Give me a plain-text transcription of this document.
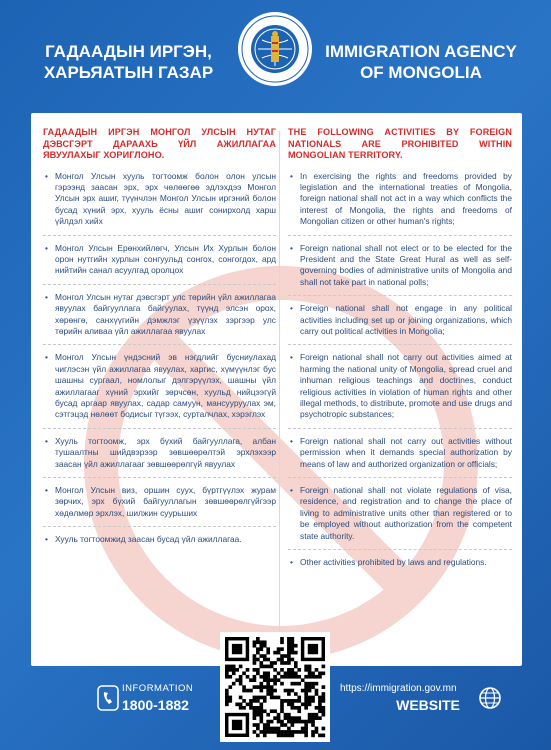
ГАДААДЫН ИРГЭН,
ХАРЬЯАТЫН ГАЗАР
IMMIGRATION AGENCY
OF MONGOLIA
ГАДААДЫН ИРГЭН МОНГОЛ УЛСЫН НУТАГ ДЭВСГЭРТ ДАРААХЬ ҮЙЛ АЖИЛЛАГАА ЯВУУЛАХЫГ ХОРИГЛОНО.
• Монгол Улсын хууль тогтоомж болон олон улсын гэрээнд заасан эрх, эрх чөлөөгөө эдлэхдээ Монгол Улсын эрх ашиг, түүнчлэн Монгол Улсын иргэний болон бусад хүний эрх, хууль ёсны ашиг сонирхолд харш үйлдэл хийх
• Монгол Улсын Ерөнхийлөгч, Улсын Их Хурлын болон орон нутгийн хурлын сонгуульд сонгох, сонгогдох, ард нийтийн санал асуулгад оролцох
• Монгол Улсын нутаг дэвсгэрт улс төрийн үйл ажиллагаа явуулах байгууллага байгуулах, түүнд элсэн орох, хөрөнгө, санхүүгийн дэмжлэг үзүүлэх зэргээр улс төрийн аливаа үйл ажиллагаа явуулах
• Монгол Улсын үндэсний эв нэгдлийг бусниулахад чиглэсэн үйл ажиллагаа явуулах, харгис, хүмүүнлэг бус шашны сургаал, номлолыг дэлгэрүүлэх, шашны үйл ажиллагааг хүний эрхийг зөрчсөн, хуульд нийцээгүй бусад аргаар явуулах, садар самуун, мансууруулах эм, сэтгэцэд нөлөөт бодисыг түгээх, сурталчлах, хэрэглэх
• Хууль тогтоомж, эрх бүхий байгууллага, албан тушаалтны шийдвэрээр зөвшөөрөлтэй эрхлэхээр заасан үйл ажиллагааг зөвшөөрөлгүй явуулах
• Монгол Улсын виз, оршин суух, бүртгүүлэх журам зөрчих, эрх бүхий байгууллагын зөвшөөрөлгүйгээр хөдөлмөр эрхлэх, шилжин суурьших
• Хууль тогтоомжид заасан бусад үйл ажиллагаа.
THE FOLLOWING ACTIVITIES BY FOREIGN NATIONALS ARE PROHIBITED WITHIN MONGOLIAN TERRITORY.
• In exercising the rights and freedoms provided by legislation and the international treaties of Mongolia, foreign national shall not act in a way which conflicts the interest of Mongolia, the rights and freedoms of Mongolian citizen or other human's rights;
• Foreign national shall not elect or to be elected for the President and the State Great Hural as well as self-governing bodies of administrative units of Mongolia and shall not take part in national polls;
• Foreign national shall not engage in any political activities including set up or joining organizations, which carry out political activities in Mongolia;
• Foreign national shall not carry out activities aimed at harming the national unity of Mongolia, spread cruel and inhuman religious teachings and doctrines, conduct religious activities in violation of human rights and other illegal methods, to distribute, promote and use drugs and psychotropic substances;
• Foreign national shall not carry out activities without permission when it demands special authorization by means of law and authorized organization or officials;
• Foreign national shall not violate regulations of visa, residence, and registration and to change the place of living to administrative units other than registered or to be employed without authorization from the competent state authority.
• Other activities prohibited by laws and regulations.
INFORMATION
1800-1882
https://immigration.gov.mn
WEBSITE
